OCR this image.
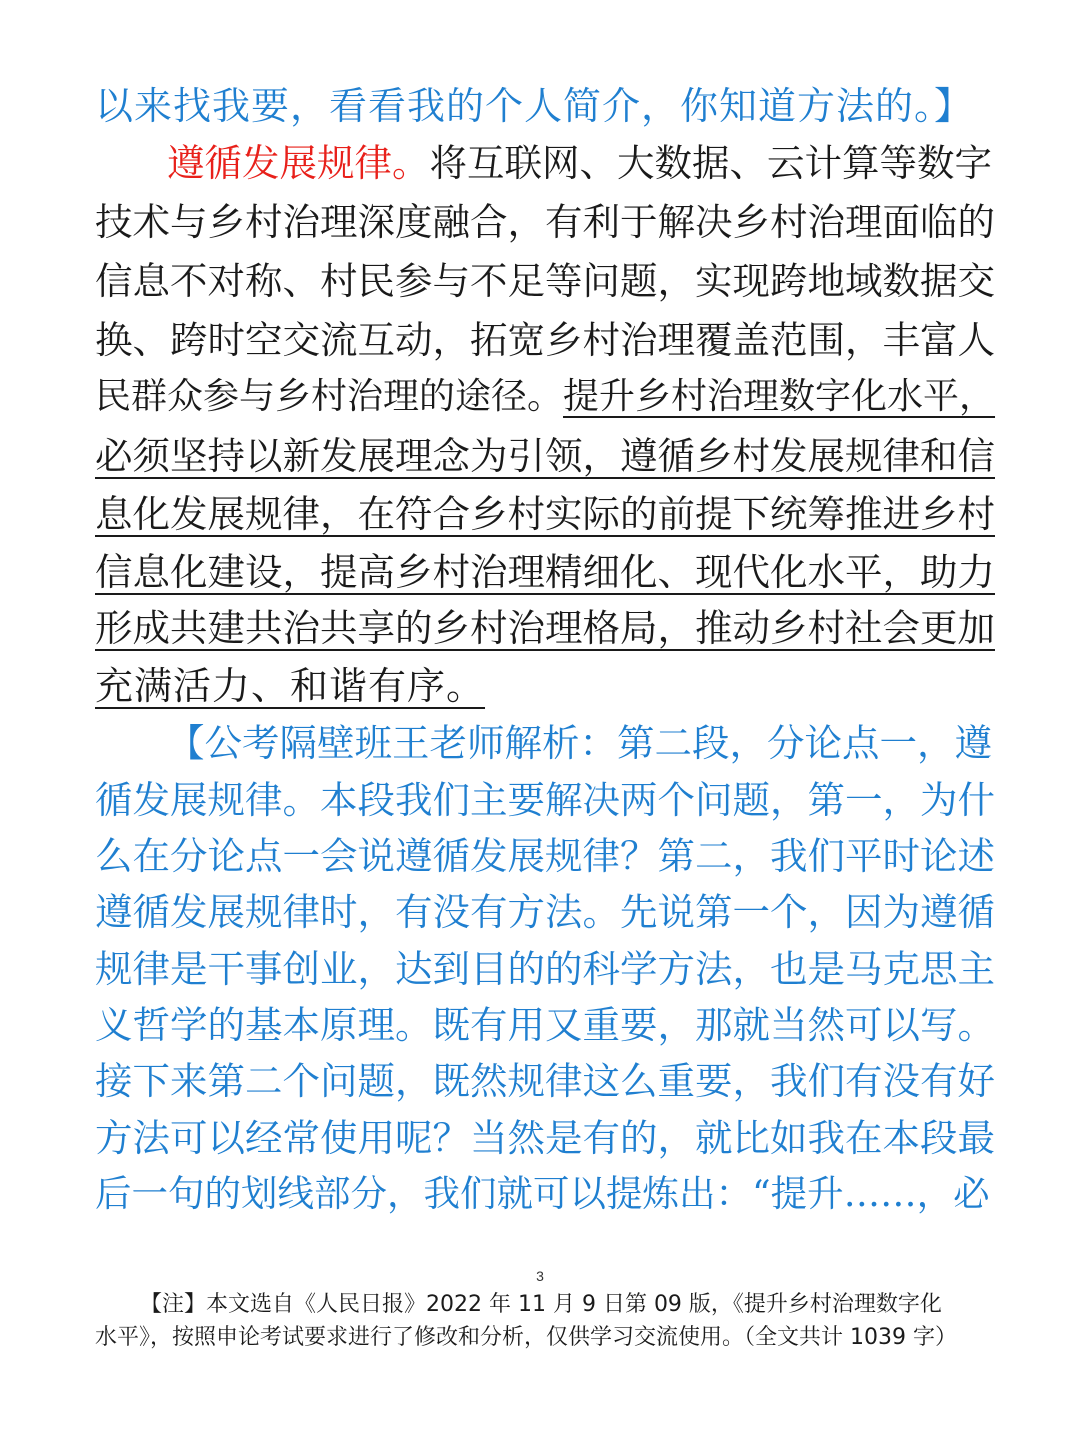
以来找我要，看看我的个人简介，你知道方法的。】
遵循发展规律。将互联网、大数据、云计算等数字
技术与乡村治理深度融合，有利于解决乡村治理面临的
信息不对称、村民参与不足等问题，实现跨地域数据交
换、跨时空交流互动，拓宽乡村治理覆盖范围，丰富人
民群众参与乡村治理的途径。提升乡村治理数字化水平，
必须坚持以新发展理念为引领，遵循乡村发展规律和信
息化发展规律，在符合乡村实际的前提下统筹推进乡村
信息化建设，提高乡村治理精细化、现代化水平，助力
形成共建共治共享的乡村治理格局，推动乡村社会更加
充满活力、和谐有序。
【公考隔壁班王老师解析：第二段，分论点一，遵
循发展规律。本段我们主要解决两个问题，第一，为什
么在分论点一会说遵循发展规律？第二，我们平时论述
遵循发展规律时，有没有方法。先说第一个，因为遵循
规律是干事创业，达到目的的科学方法，也是马克思主
义哲学的基本原理。既有用又重要，那就当然可以写。
接下来第二个问题，既然规律这么重要，我们有没有好
方法可以经常使用呢？当然是有的，就比如我在本段最
后一句的划线部分，我们就可以提炼出：“提升……，必
3
【注】本文选自《人民日报》2022 年 11 月 9 日第 09 版，《提升乡村治理数字化
水平》，按照申论考试要求进行了修改和分析，仅供学习交流使用。（全文共计 1039 字）
